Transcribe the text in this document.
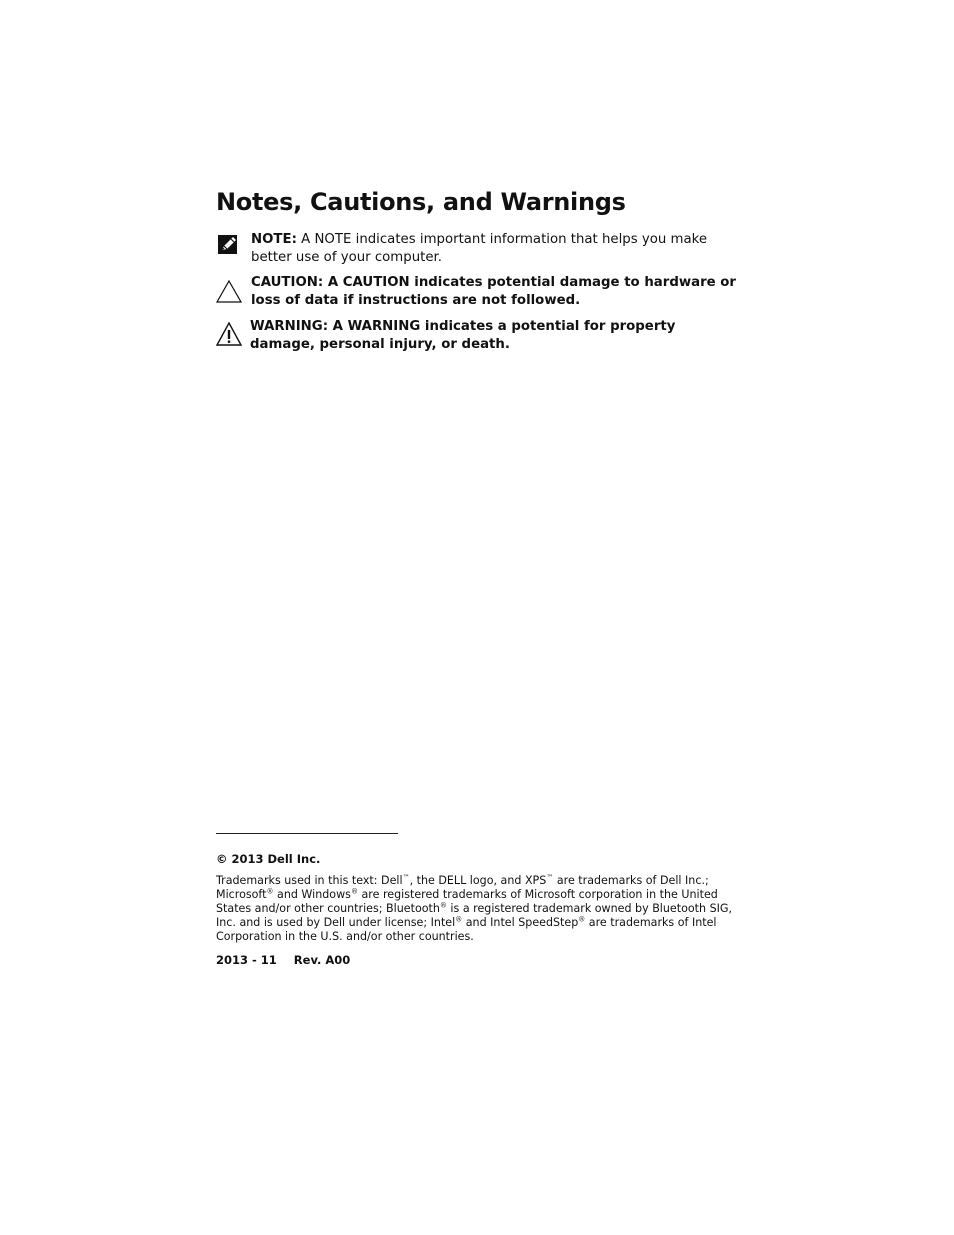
Notes, Cautions, and Warnings
NOTE: A NOTE indicates important information that helps you make better use of your computer.
CAUTION: A CAUTION indicates potential damage to hardware or loss of data if instructions are not followed.
WARNING: A WARNING indicates a potential for property damage, personal injury, or death.
© 2013 Dell Inc.
Trademarks used in this text: Dell™, the DELL logo, and XPS™ are trademarks of Dell Inc.; Microsoft® and Windows® are registered trademarks of Microsoft corporation in the United States and/or other countries; Bluetooth® is a registered trademark owned by Bluetooth SIG, Inc. and is used by Dell under license; Intel® and Intel SpeedStep® are trademarks of Intel Corporation in the U.S. and/or other countries.
2013 - 11 Rev. A00
